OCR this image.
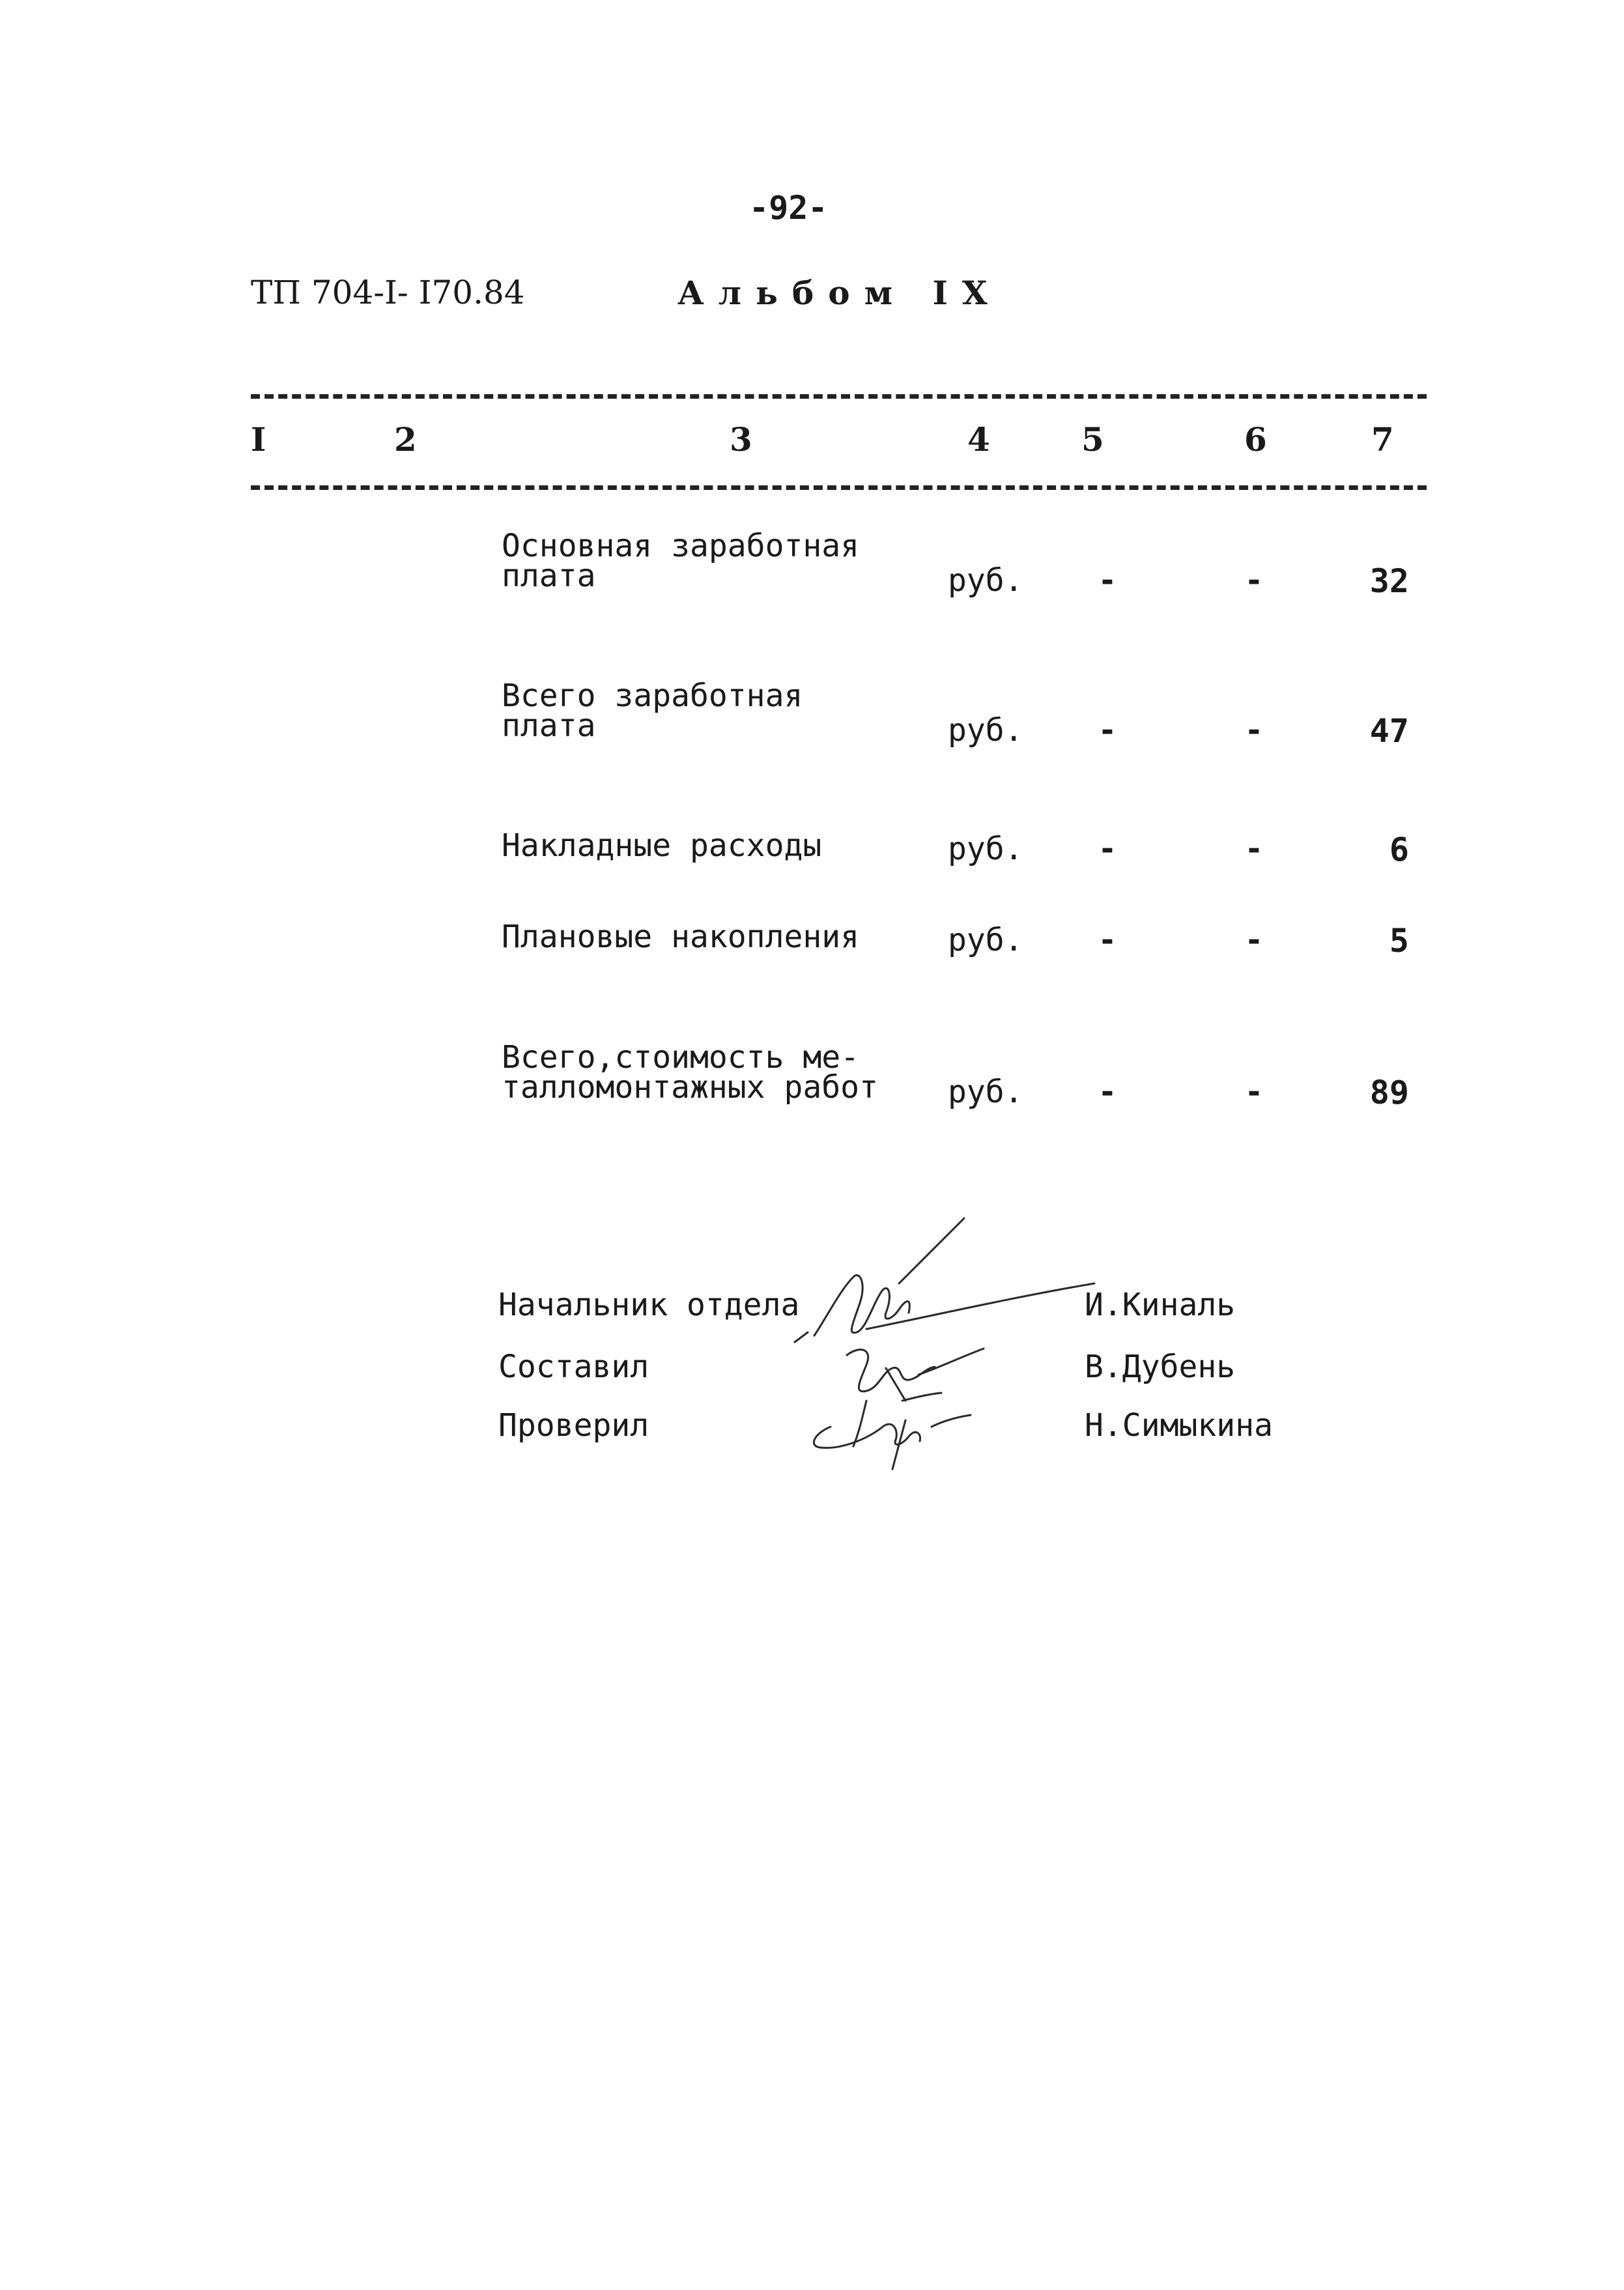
-92-
ТП 704-I- I70.84	Альбом IX
I	2	3	4	5	6	7
Основная заработная
плата	руб.	-	-	32
Всего заработная
плата	руб.	-	-	47
Накладные расходы	руб.	-	-	6
Плановые накопления	руб.	-	-	5
Всего,стоимость ме-
талломонтажных работ	руб.	-	-	89
Начальник отдела	И.Киналь
Составил	В.Дубень
Проверил	Н.Симыкина
